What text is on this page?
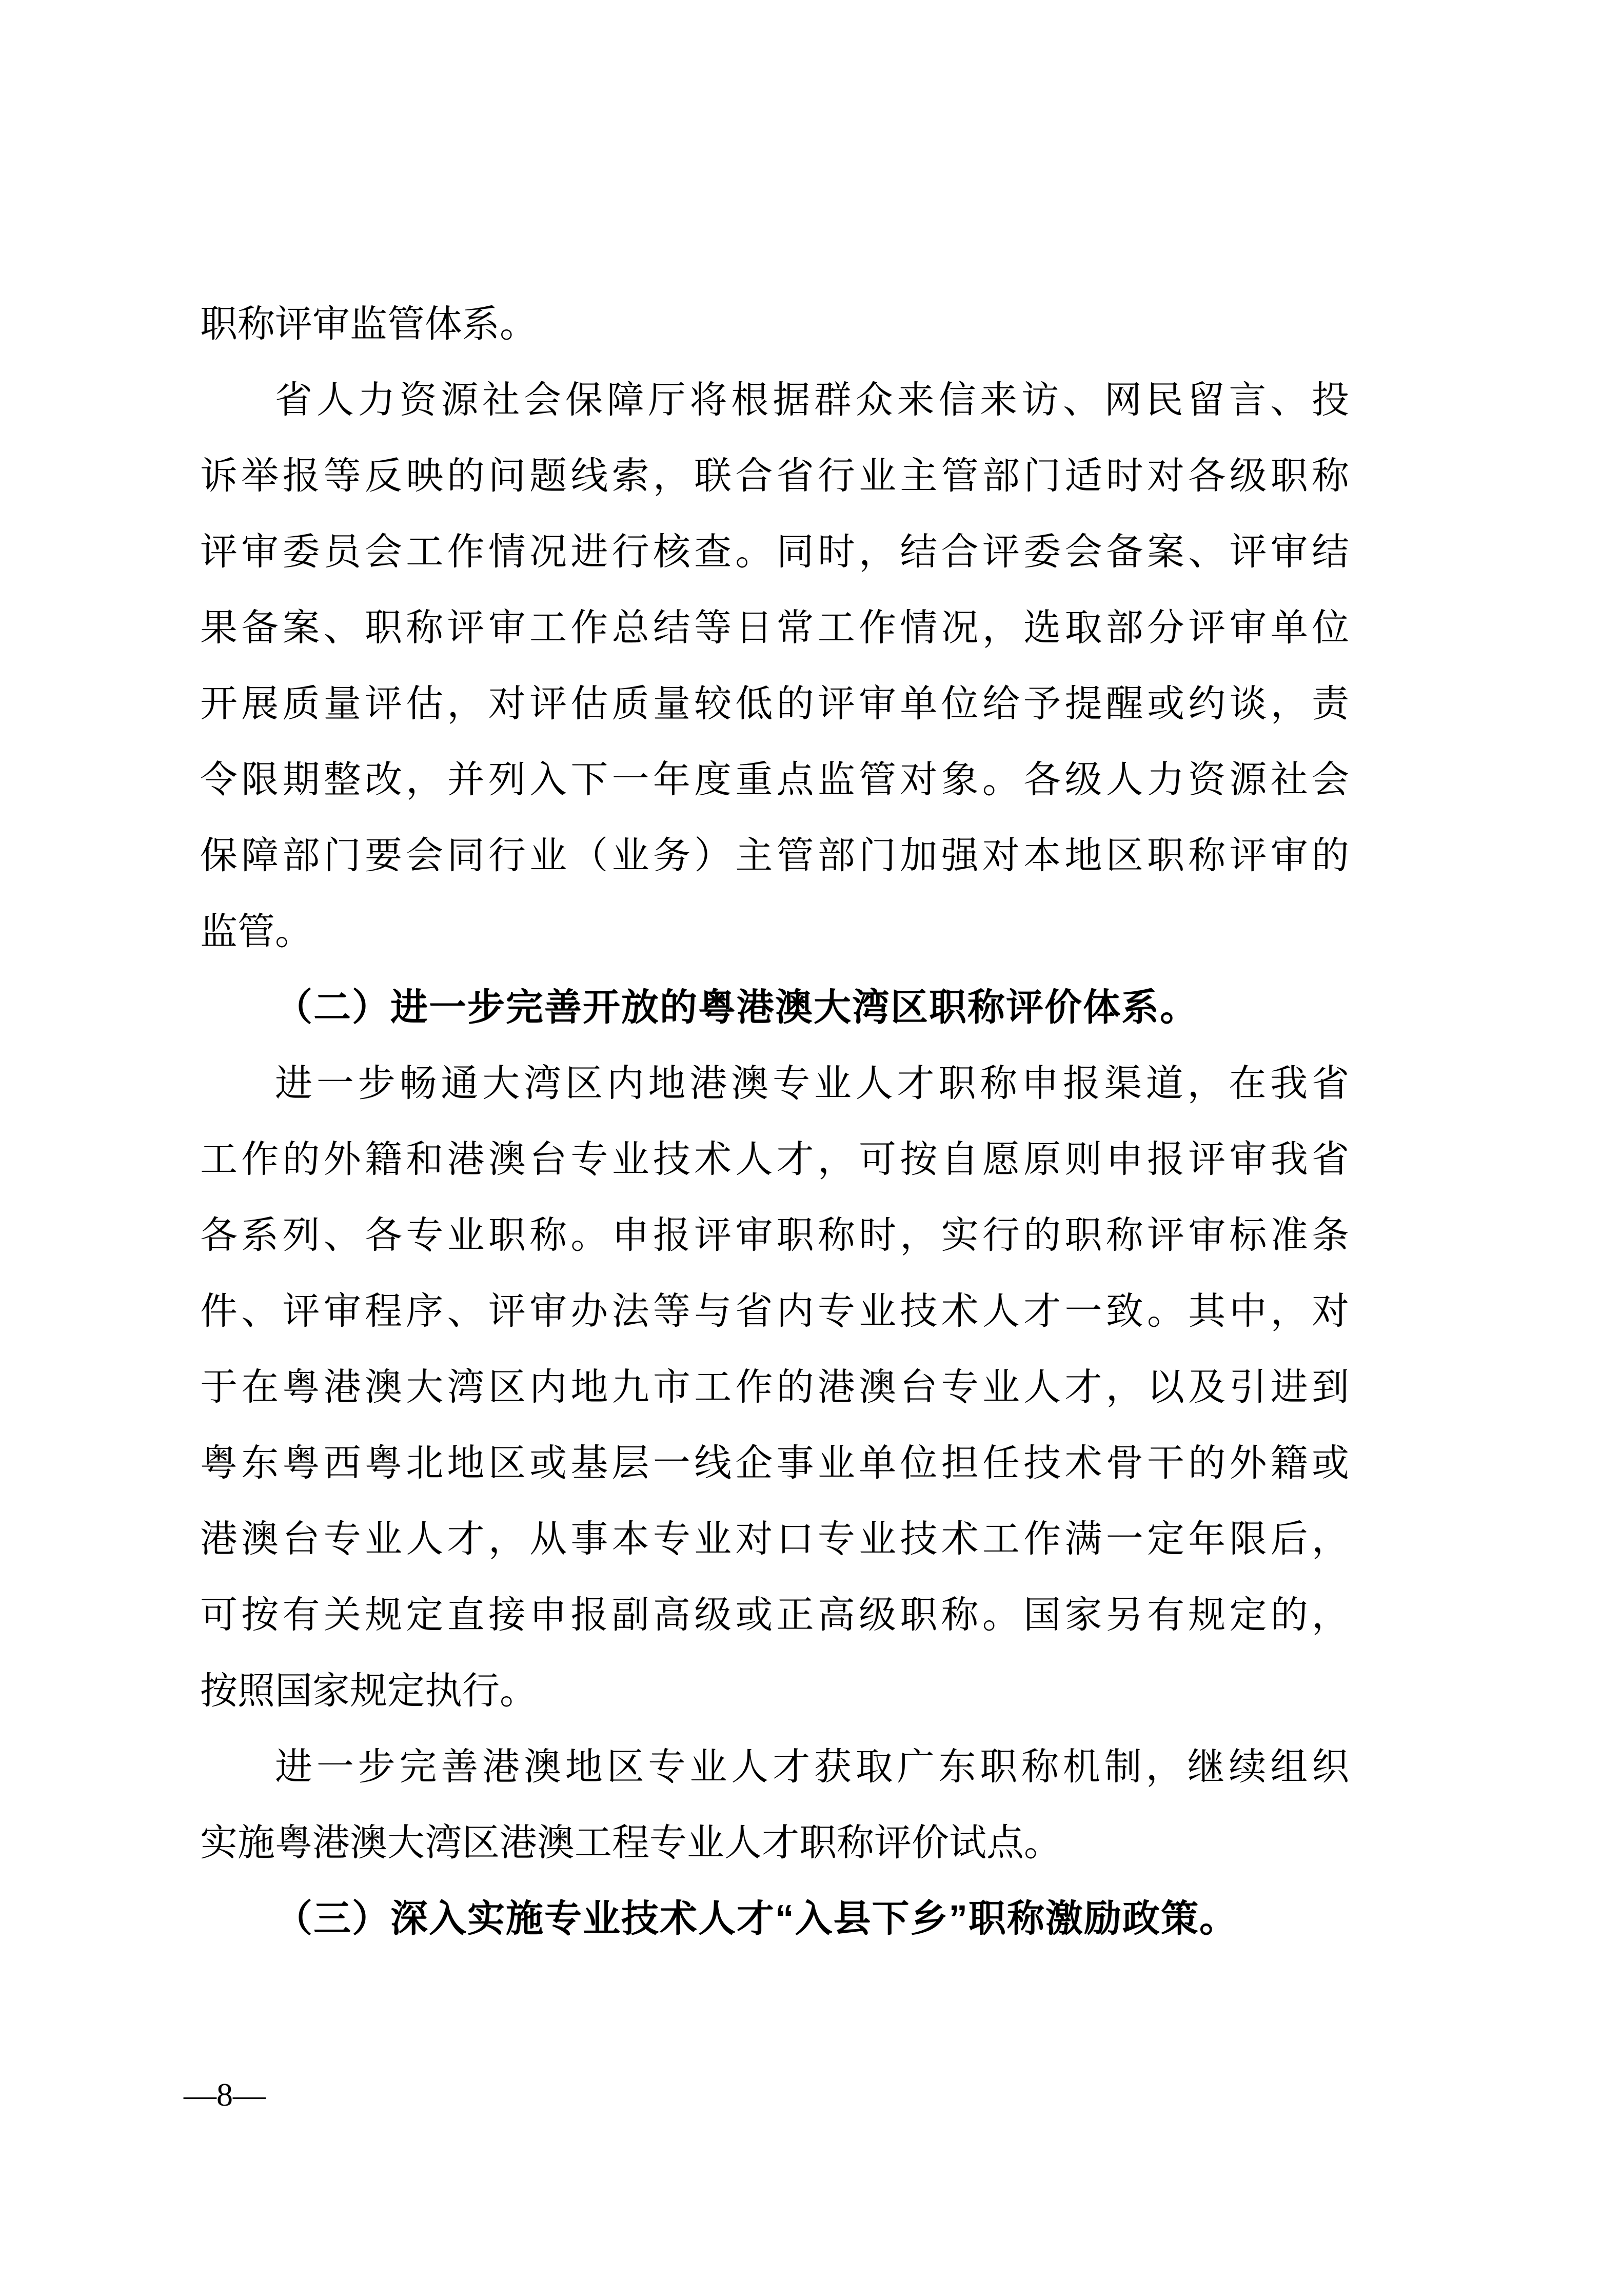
职称评审监管体系。

省人力资源社会保障厅将根据群众来信来访、网民留言、投

诉举报等反映的问题线索，联合省行业主管部门适时对各级职称

评审委员会工作情况进行核查。同时，结合评委会备案、评审结

果备案、职称评审工作总结等日常工作情况，选取部分评审单位

开展质量评估，对评估质量较低的评审单位给予提醒或约谈，责

令限期整改，并列入下一年度重点监管对象。各级人力资源社会

保障部门要会同行业（业务）主管部门加强对本地区职称评审的

监管。

（二）进一步完善开放的粤港澳大湾区职称评价体系。

进一步畅通大湾区内地港澳专业人才职称申报渠道，在我省

工作的外籍和港澳台专业技术人才，可按自愿原则申报评审我省

各系列、各专业职称。申报评审职称时，实行的职称评审标准条

件、评审程序、评审办法等与省内专业技术人才一致。其中，对

于在粤港澳大湾区内地九市工作的港澳台专业人才，以及引进到

粤东粤西粤北地区或基层一线企事业单位担任技术骨干的外籍或

港澳台专业人才，从事本专业对口专业技术工作满一定年限后，

可按有关规定直接申报副高级或正高级职称。国家另有规定的，

按照国家规定执行。

进一步完善港澳地区专业人才获取广东职称机制，继续组织

实施粤港澳大湾区港澳工程专业人才职称评价试点。

（三）深入实施专业技术人才“入县下乡”职称激励政策。

—8—
